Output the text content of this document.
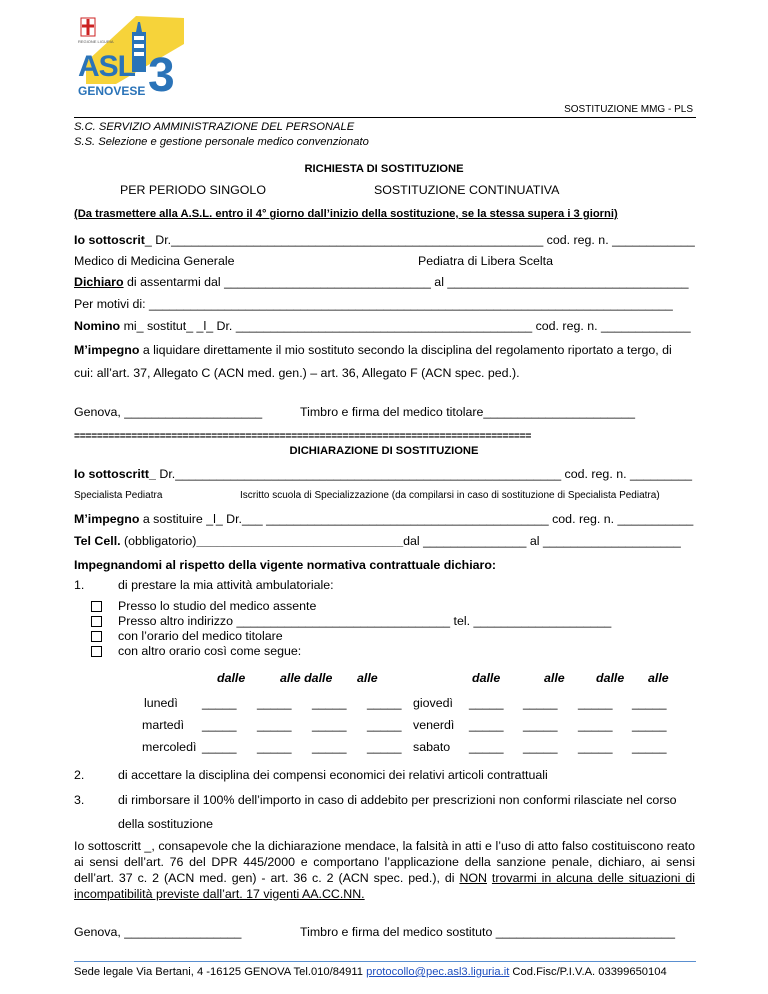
REGIONE LIGURIA
ASL
GENOVESE 3
SOSTITUZIONE MMG - PLS
S.C. SERVIZIO AMMINISTRAZIONE DEL PERSONALE
S.S. Selezione e gestione personale medico convenzionato
RICHIESTA DI SOSTITUZIONE
PER PERIODO SINGOLO	SOSTITUZIONE CONTINUATIVA
(Da trasmettere alla A.S.L. entro il 4° giorno dall’inizio della sostituzione, se la stessa supera i 3 giorni)
Io sottoscrit_ Dr.______________________________________________________ cod. reg. n. ____________
Medico di Medicina Generale	Pediatra di Libera Scelta
Dichiaro di assentarmi dal ______________________________ al ___________________________________
Per motivi di: ____________________________________________________________________________
Nomino mi_ sostitut_ _l_ Dr. ___________________________________________ cod. reg. n. _____________
M’impegno a liquidare direttamente il mio sostituto secondo la disciplina del regolamento riportato a tergo, di
cui: all’art. 37, Allegato C (ACN med. gen.) – art. 36, Allegato F (ACN spec. ped.).
Genova, ____________________	Timbro e firma del medico titolare______________________
================================================================================
DICHIARAZIONE DI SOSTITUZIONE
Io sottoscritt_ Dr.________________________________________________________ cod. reg. n. _________
Specialista Pediatra	Iscritto scuola di Specializzazione (da compilarsi in caso di sostituzione di Specialista Pediatra)
M’impegno a sostituire _l_ Dr.___ _________________________________________ cod. reg. n. ___________
Tel Cell. (obbligatorio)______________________________dal _______________ al ____________________
Impegnandomi al rispetto della vigente normativa contrattuale dichiaro:
1.	di prestare la mia attività ambulatoriale:
Presso lo studio del medico assente
Presso altro indirizzo _______________________________ tel. ____________________
con l’orario del medico titolare
con altro orario così come segue:
dalle	alle dalle alle	dalle	alle	dalle alle
lunedì _____ _____ _____ _____ giovedì _____ _____ _____ _____
martedì _____ _____ _____ _____ venerdì _____ _____ _____ _____
mercoledì _____ _____ _____ _____ sabato _____ _____ _____ _____
2.	di accettare la disciplina dei compensi economici dei relativi articoli contrattuali
3.	di rimborsare il 100% dell’importo in caso di addebito per prescrizioni non conformi rilasciate nel corso
della sostituzione
Io sottoscritt _, consapevole che la dichiarazione mendace, la falsità in atti e l’uso di atto falso costituiscono reato ai sensi dell’art. 76 del DPR 445/2000 e comportano l’applicazione della sanzione penale, dichiaro, ai sensi dell’art. 37 c. 2 (ACN med. gen) - art. 36 c. 2 (ACN spec. ped.), di NON trovarmi in alcuna delle situazioni di incompatibilità previste dall’art. 17 vigenti AA.CC.NN.
Genova, _________________	Timbro e firma del medico sostituto __________________________
Sede legale Via Bertani, 4 -16125 GENOVA Tel.010/84911 protocollo@pec.asl3.liguria.it Cod.Fisc/P.I.V.A. 03399650104
